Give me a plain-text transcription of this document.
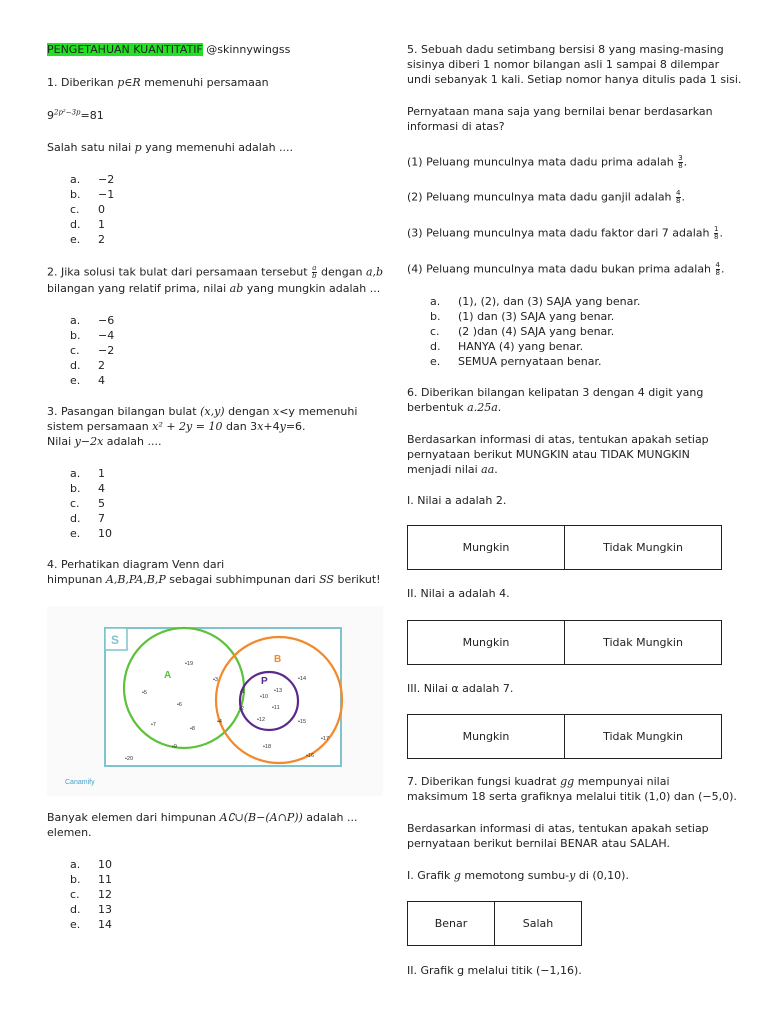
PENGETAHUAN KUANTITATIF @skinnywingss
1. Diberikan p∈R memenuhi persamaan
$9^{2p^2-3p}=81$
Salah satu nilai p yang memenuhi adalah ....
a. −2
b. −1
c. 0
d. 1
e. 2
2. Jika solusi tak bulat dari persamaan tersebut $\frac{a}{b}$ dengan a,b
bilangan yang relatif prima, nilai ab yang mungkin adalah ...
a. −6
b. −4
c. −2
d. 2
e. 4
3. Pasangan bilangan bulat (x,y) dengan x<y memenuhi
sistem persamaan x² + 2y = 10 dan 3x+4y=6.
Nilai y−2x adalah ....
a. 1
b. 4
c. 5
d. 7
e. 10
4. Perhatikan diagram Venn dari
himpunan A,B,PA,B,P sebagai subhimpunan dari SS berikut!
S
A
B
P
•5
•7
•20
•9
•19
•6
•8
•3
•4
•1
•2
•10
•13
•11
•12
•14
•15
•18
•17
•16
Canamify
Banyak elemen dari himpunan A∁∪(B−(A∩P)) adalah ...
elemen.
a. 10
b. 11
c. 12
d. 13
e. 14
5. Sebuah dadu setimbang bersisi 8 yang masing-masing
sisinya diberi 1 nomor bilangan asli 1 sampai 8 dilempar
undi sebanyak 1 kali. Setiap nomor hanya ditulis pada 1 sisi.
Pernyataan mana saja yang bernilai benar berdasarkan
informasi di atas?
(1) Peluang munculnya mata dadu prima adalah $\frac{3}{8}$ .
(2) Peluang munculnya mata dadu ganjil adalah $\frac{4}{8}$ .
(3) Peluang munculnya mata dadu faktor dari 7 adalah $\frac{1}{8}$ .
(4) Peluang munculnya mata dadu bukan prima adalah $\frac{4}{8}$ .
a. (1), (2), dan (3) SAJA yang benar.
b. (1) dan (3) SAJA yang benar.
c. (2 )dan (4) SAJA yang benar.
d. HANYA (4) yang benar.
e. SEMUA pernyataan benar.
6. Diberikan bilangan kelipatan 3 dengan 4 digit yang
berbentuk a.25a.
Berdasarkan informasi di atas, tentukan apakah setiap
pernyataan berikut MUNGKIN atau TIDAK MUNGKIN
menjadi nilai aa.
I. Nilai a adalah 2.
Mungkin	Tidak Mungkin
II. Nilai a adalah 4.
Mungkin	Tidak Mungkin
III. Nilai α adalah 7.
Mungkin	Tidak Mungkin
7. Diberikan fungsi kuadrat gg mempunyai nilai
maksimum 18 serta grafiknya melalui titik (1,0) dan (−5,0).
Berdasarkan informasi di atas, tentukan apakah setiap
pernyataan berikut bernilai BENAR atau SALAH.
I. Grafik g memotong sumbu-y di (0,10).
Benar	Salah
II. Grafik g melalui titik (−1,16).
